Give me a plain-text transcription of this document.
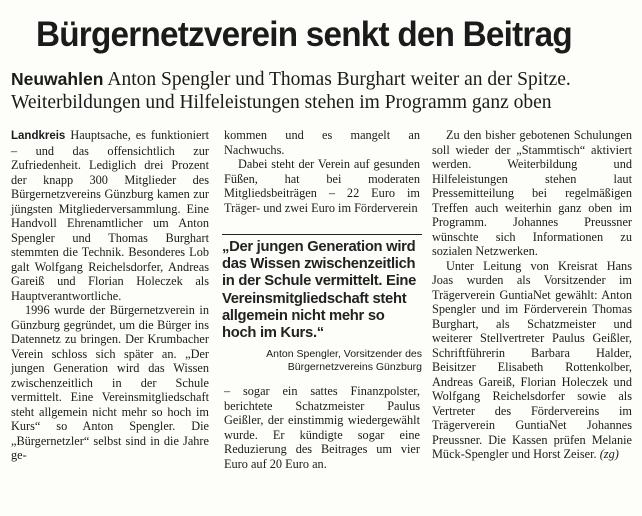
Bürgernetzverein senkt den Beitrag
Neuwahlen Anton Spengler und Thomas Burghart weiter an der Spitze. Weiterbildungen und Hilfeleistungen stehen im Programm ganz oben

Landkreis Hauptsache, es funktioniert – und das offensichtlich zur Zufriedenheit. Lediglich drei Prozent der knapp 300 Mitglieder des Bürgernetzvereins Günzburg kamen zur jüngsten Mitgliederversammlung. Eine Handvoll Ehrenamtlicher um Anton Spengler und Thomas Burghart stemmten die Technik. Besonderes Lob galt Wolfgang Reichelsdorfer, Andreas Gareiß und Florian Holeczek als Hauptverantwortliche.

1996 wurde der Bürgernetzverein in Günzburg gegründet, um die Bürger ins Datennetz zu bringen. Der Krumbacher Verein schloss sich später an. „Der jungen Generation wird das Wissen zwischenzeitlich in der Schule vermittelt. Eine Vereinsmitgliedschaft steht allgemein nicht mehr so hoch im Kurs“ so Anton Spengler. Die „Bürgernetzler“ selbst sind in die Jahre ge-

kommen und es mangelt an Nachwuchs.

Dabei steht der Verein auf gesunden Füßen, hat bei moderaten Mitgliedsbeiträgen – 22 Euro im Träger- und zwei Euro im Förderverein

„Der jungen Generation wird das Wissen zwischenzeitlich in der Schule vermittelt. Eine Vereinsmitgliedschaft steht allgemein nicht mehr so hoch im Kurs.“
Anton Spengler, Vorsitzender des Bürgernetzvereins Günzburg

– sogar ein sattes Finanzpolster, berichtete Schatzmeister Paulus Geißler, der einstimmig wiedergewählt wurde. Er kündigte sogar eine Reduzierung des Beitrages um vier Euro auf 20 Euro an.

Zu den bisher gebotenen Schulungen soll wieder der „Stammtisch“ aktiviert werden. Weiterbildung und Hilfeleistungen stehen laut Pressemitteilung bei regelmäßigen Treffen auch weiterhin ganz oben im Programm. Johannes Preussner wünschte sich Informationen zu sozialen Netzwerken.

Unter Leitung von Kreisrat Hans Joas wurden als Vorsitzender im Trägerverein GuntiaNet gewählt: Anton Spengler und im Förderverein Thomas Burghart, als Schatzmeister und weiterer Stellvertreter Paulus Geißler, Schriftführerin Barbara Halder, Beisitzer Elisabeth Rottenkolber, Andreas Gareiß, Florian Holeczek und Wolfgang Reichelsdorfer sowie als Vertreter des Fördervereins im Trägerverein GuntiaNet Johannes Preussner. Die Kassen prüfen Melanie Mück-Spengler und Horst Zeiser. (zg)
